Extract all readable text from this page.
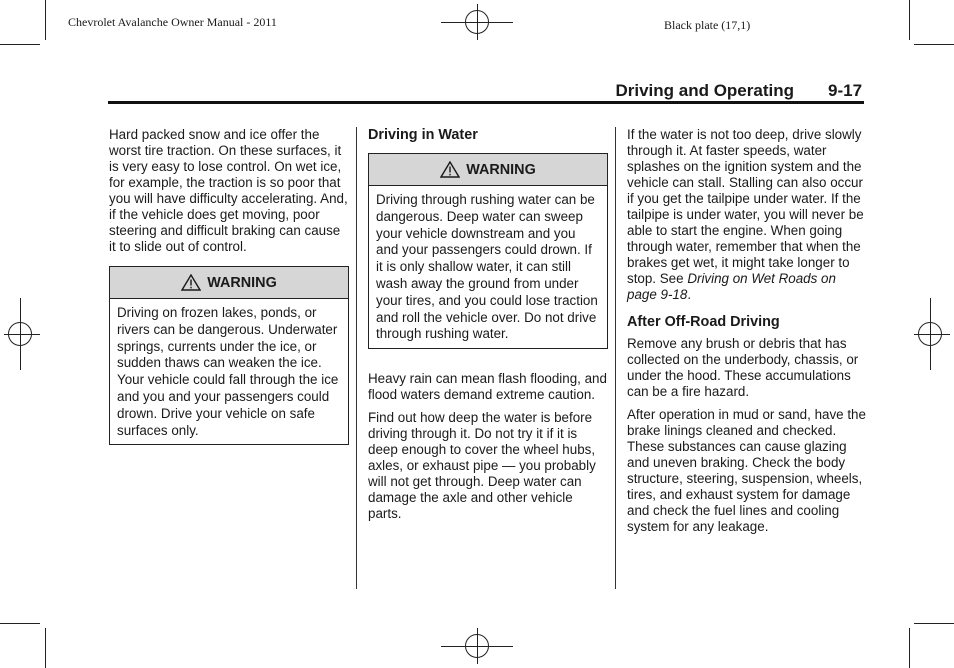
Chevrolet Avalanche Owner Manual - 2011	Black plate (17,1)
Driving and Operating 9-17

Hard packed snow and ice offer the worst tire traction. On these surfaces, it is very easy to lose control. On wet ice, for example, the traction is so poor that you will have difficulty accelerating. And, if the vehicle does get moving, poor steering and difficult braking can cause it to slide out of control.

WARNING
Driving on frozen lakes, ponds, or rivers can be dangerous. Underwater springs, currents under the ice, or sudden thaws can weaken the ice. Your vehicle could fall through the ice and you and your passengers could drown. Drive your vehicle on safe surfaces only.
Driving in Water
WARNING
Driving through rushing water can be dangerous. Deep water can sweep your vehicle downstream and you and your passengers could drown. If it is only shallow water, it can still wash away the ground from under your tires, and you could lose traction and roll the vehicle over. Do not drive through rushing water.

Heavy rain can mean flash flooding, and flood waters demand extreme caution.

Find out how deep the water is before driving through it. Do not try it if it is deep enough to cover the wheel hubs, axles, or exhaust pipe — you probably will not get through. Deep water can damage the axle and other vehicle parts.

If the water is not too deep, drive slowly through it. At faster speeds, water splashes on the ignition system and the vehicle can stall. Stalling can also occur if you get the tailpipe under water. If the tailpipe is under water, you will never be able to start the engine. When going through water, remember that when the brakes get wet, it might take longer to stop. See Driving on Wet Roads on page 9-18.

After Off-Road Driving

Remove any brush or debris that has collected on the underbody, chassis, or under the hood. These accumulations can be a fire hazard.

After operation in mud or sand, have the brake linings cleaned and checked. These substances can cause glazing and uneven braking. Check the body structure, steering, suspension, wheels, tires, and exhaust system for damage and check the fuel lines and cooling system for any leakage.
